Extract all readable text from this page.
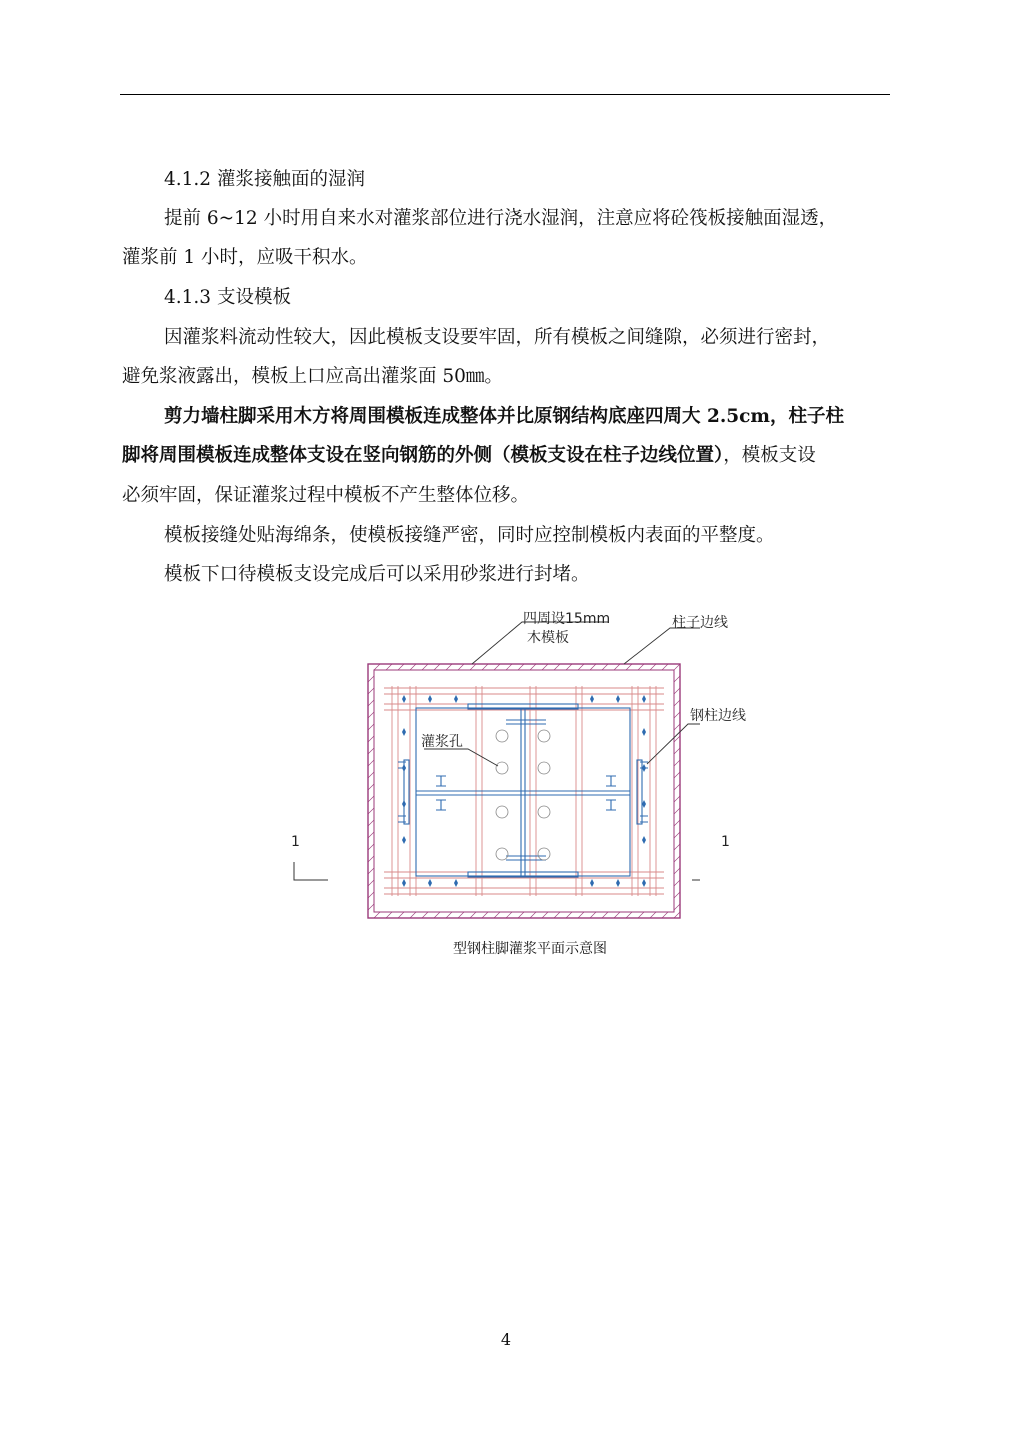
4.1.2 灌浆接触面的湿润

提前 6~12 小时用自来水对灌浆部位进行浇水湿润，注意应将砼筏板接触面湿透，

灌浆前 1 小时，应吸干积水。

4.1.3 支设模板

因灌浆料流动性较大，因此模板支设要牢固，所有模板之间缝隙，必须进行密封，

避免浆液露出，模板上口应高出灌浆面 50㎜。

剪力墙柱脚采用木方将周围模板连成整体并比原钢结构底座四周大 2.5cm，柱子柱

脚将周围模板连成整体支设在竖向钢筋的外侧（模板支设在柱子边线位置），模板支设

必须牢固，保证灌浆过程中模板不产生整体位移。

模板接缝处贴海绵条，使模板接缝严密，同时应控制模板内表面的平整度。

模板下口待模板支设完成后可以采用砂浆进行封堵。

四周设15mm
木模板
柱子边线
钢柱边线
灌浆孔
1	1
型钢柱脚灌浆平面示意图
4
